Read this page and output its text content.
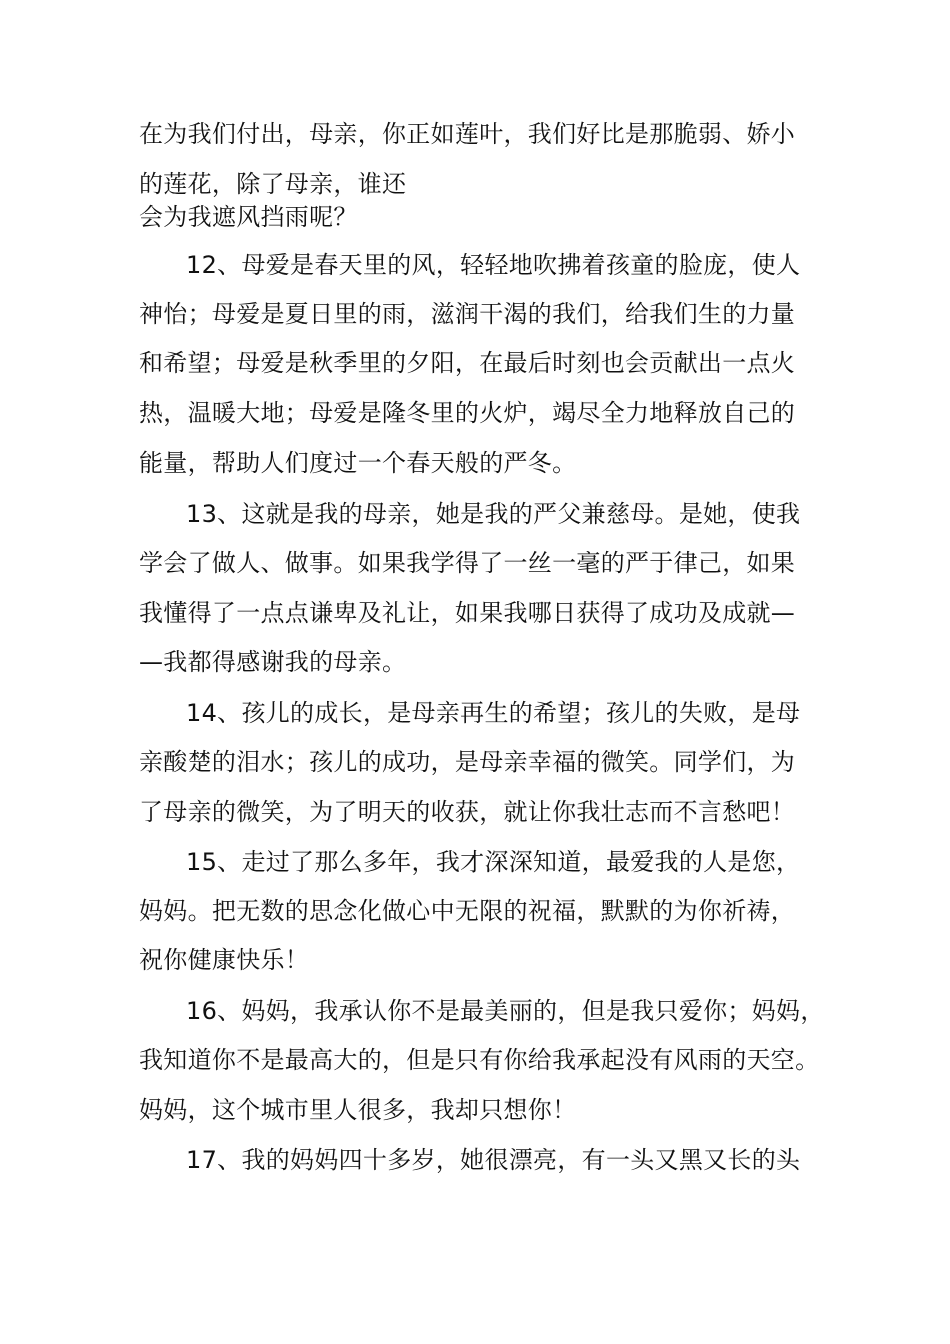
在为我们付出，母亲，你正如莲叶，我们好比是那脆弱、娇小
的莲花，除了母亲，谁还
会为我遮风挡雨呢？
12、母爱是春天里的风，轻轻地吹拂着孩童的脸庞，使人
神怡；母爱是夏日里的雨，滋润干渴的我们，给我们生的力量
和希望；母爱是秋季里的夕阳，在最后时刻也会贡献出一点火
热，温暖大地；母爱是隆冬里的火炉，竭尽全力地释放自己的
能量，帮助人们度过一个春天般的严冬。
13、这就是我的母亲，她是我的严父兼慈母。是她，使我
学会了做人、做事。如果我学得了一丝一毫的严于律己，如果
我懂得了一点点谦卑及礼让，如果我哪日获得了成功及成就—
—我都得感谢我的母亲。
14、孩儿的成长，是母亲再生的希望；孩儿的失败，是母
亲酸楚的泪水；孩儿的成功，是母亲幸福的微笑。同学们，为
了母亲的微笑，为了明天的收获，就让你我壮志而不言愁吧！
15、走过了那么多年，我才深深知道，最爱我的人是您，
妈妈。把无数的思念化做心中无限的祝福，默默的为你祈祷，
祝你健康快乐！
16、妈妈，我承认你不是最美丽的，但是我只爱你；妈妈，
我知道你不是最高大的，但是只有你给我承起没有风雨的天空。
妈妈，这个城市里人很多，我却只想你！
17、我的妈妈四十多岁，她很漂亮，有一头又黑又长的头
